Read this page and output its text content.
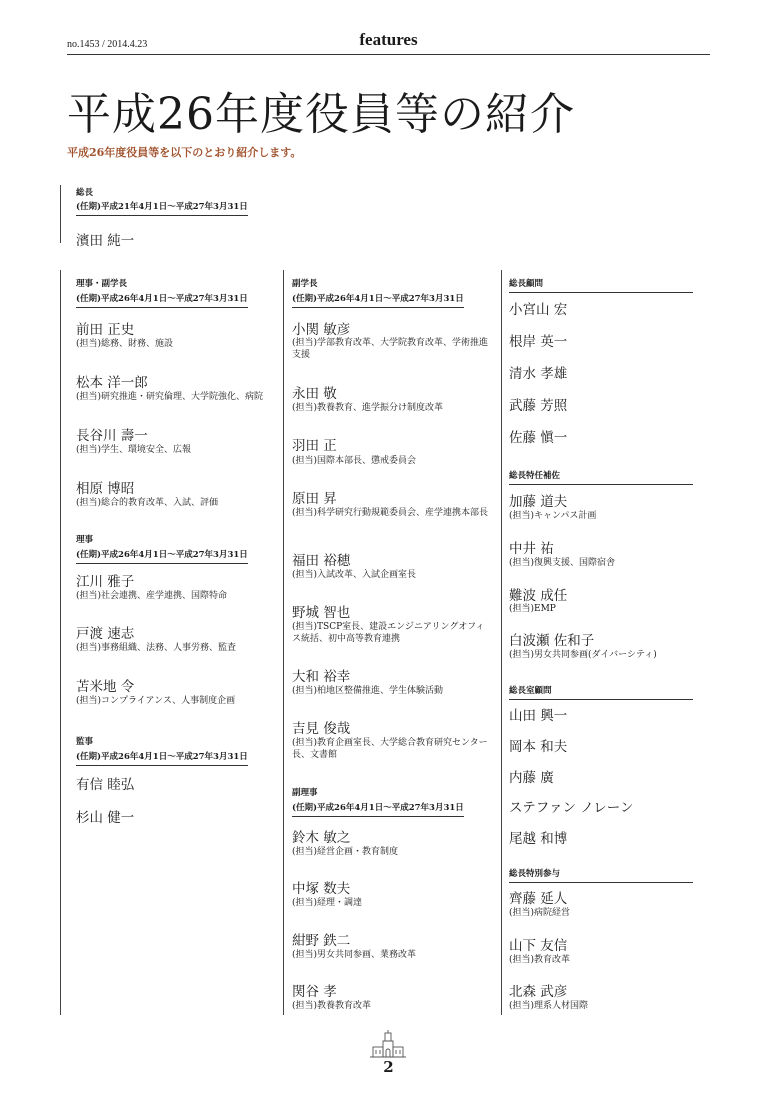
no.1453 / 2014.4.23	features
平成26年度役員等の紹介
平成26年度役員等を以下のとおり紹介します。
総長
(任期)平成21年4月1日～平成27年3月31日
濱田 純一
理事・副学長
(任期)平成26年4月1日～平成27年3月31日
前田 正史
(担当)総務、財務、施設
松本 洋一郎
(担当)研究推進・研究倫理、大学院強化、病院
長谷川 壽一
(担当)学生、環境安全、広報
相原 博昭
(担当)総合的教育改革、入試、評価
理事
(任期)平成26年4月1日～平成27年3月31日
江川 雅子
(担当)社会連携、産学連携、国際特命
戸渡 速志
(担当)事務組織、法務、人事労務、監査
苫米地 令
(担当)コンプライアンス、人事制度企画
監事
(任期)平成26年4月1日～平成27年3月31日
有信 睦弘
杉山 健一
副学長
(任期)平成26年4月1日～平成27年3月31日
小関 敏彦
(担当)学部教育改革、大学院教育改革、学術推進支援
永田 敬
(担当)教養教育、進学振分け制度改革
羽田 正
(担当)国際本部長、懲戒委員会
原田 昇
(担当)科学研究行動規範委員会、産学連携本部長
福田 裕穂
(担当)入試改革、入試企画室長
野城 智也
(担当)TSCP室長、建設エンジニアリングオフィス統括、初中高等教育連携
大和 裕幸
(担当)柏地区整備推進、学生体験活動
吉見 俊哉
(担当)教育企画室長、大学総合教育研究センター長、文書館
副理事
(任期)平成26年4月1日～平成27年3月31日
鈴木 敏之
(担当)経営企画・教育制度
中塚 数夫
(担当)経理・調達
紺野 鉄二
(担当)男女共同参画、業務改革
関谷 孝
(担当)教養教育改革
総長顧問
小宮山 宏
根岸 英一
清水 孝雄
武藤 芳照
佐藤 愼一
総長特任補佐
加藤 道夫
(担当)キャンパス計画
中井 祐
(担当)復興支援、国際宿舎
難波 成任
(担当)EMP
白波瀬 佐和子
(担当)男女共同参画(ダイバーシティ)
総長室顧問
山田 興一
岡本 和夫
内藤 廣
ステファン ノレーン
尾越 和博
総長特別参与
齊藤 延人
(担当)病院経営
山下 友信
(担当)教育改革
北森 武彦
(担当)理系人材国際
2
